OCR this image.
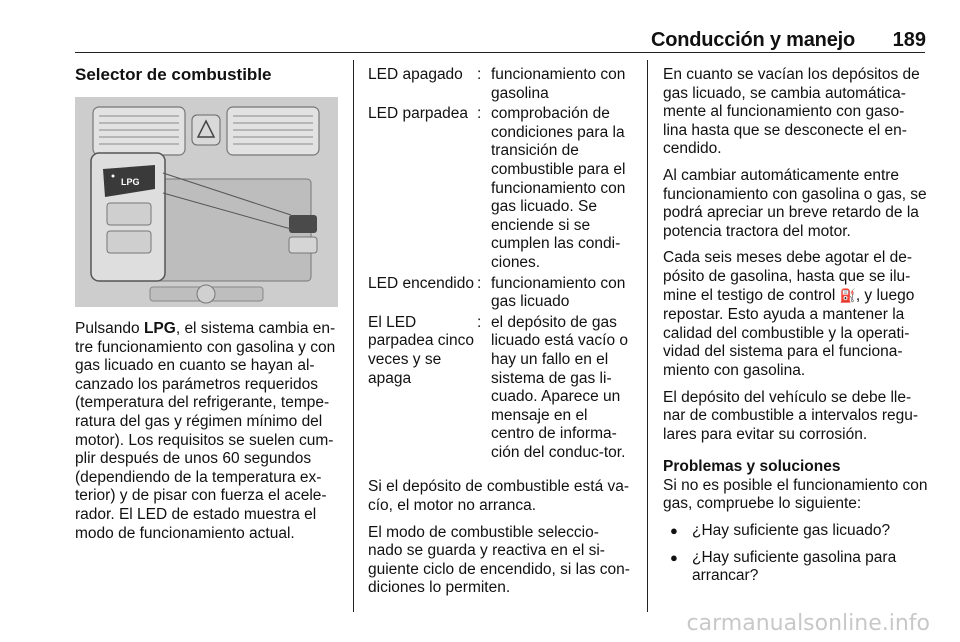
Conducción y manejo 189
Selector de combustible
LPG

Pulsando LPG, el sistema cambia en-tre funcionamiento con gasolina y con gas licuado en cuanto se hayan al-canzado los parámetros requeridos (temperatura del refrigerante, tempe-ratura del gas y régimen mínimo del motor). Los requisitos se suelen cum-plir después de unos 60 segundos (dependiendo de la temperatura ex-terior) y de pisar con fuerza el acele-rador. El LED de estado muestra el modo de funcionamiento actual.

LED apagado	:	funcionamiento con gasolina
LED parpadea	:	comprobación de condiciones para la transición de combustible para el funcionamiento con gas licuado. Se enciende si se cumplen las condi-ciones.
LED encendido	:	funcionamiento con gas licuado
El LED parpadea cinco veces y se apaga	:	el depósito de gas licuado está vacío o hay un fallo en el sistema de gas li-cuado. Aparece un mensaje en el centro de informa-ción del conduc-tor.

Si el depósito de combustible está va-cío, el motor no arranca.

El modo de combustible seleccio-nado se guarda y reactiva en el si-guiente ciclo de encendido, si las con-diciones lo permiten.

En cuanto se vacían los depósitos de gas licuado, se cambia automática-mente al funcionamiento con gaso-lina hasta que se desconecte el en-cendido.

Al cambiar automáticamente entre funcionamiento con gasolina o gas, se podrá apreciar un breve retardo de la potencia tractora del motor.

Cada seis meses debe agotar el de-pósito de gasolina, hasta que se ilu-mine el testigo de control ⛽, y luego repostar. Esto ayuda a mantener la calidad del combustible y la operati-vidad del sistema para el funciona-miento con gasolina.

El depósito del vehículo se debe lle-nar de combustible a intervalos regu-lares para evitar su corrosión.

Problemas y soluciones

Si no es posible el funcionamiento con gas, compruebe lo siguiente:

● ¿Hay suficiente gas licuado?
● ¿Hay suficiente gasolina para arrancar?
carmanualsonline.info
